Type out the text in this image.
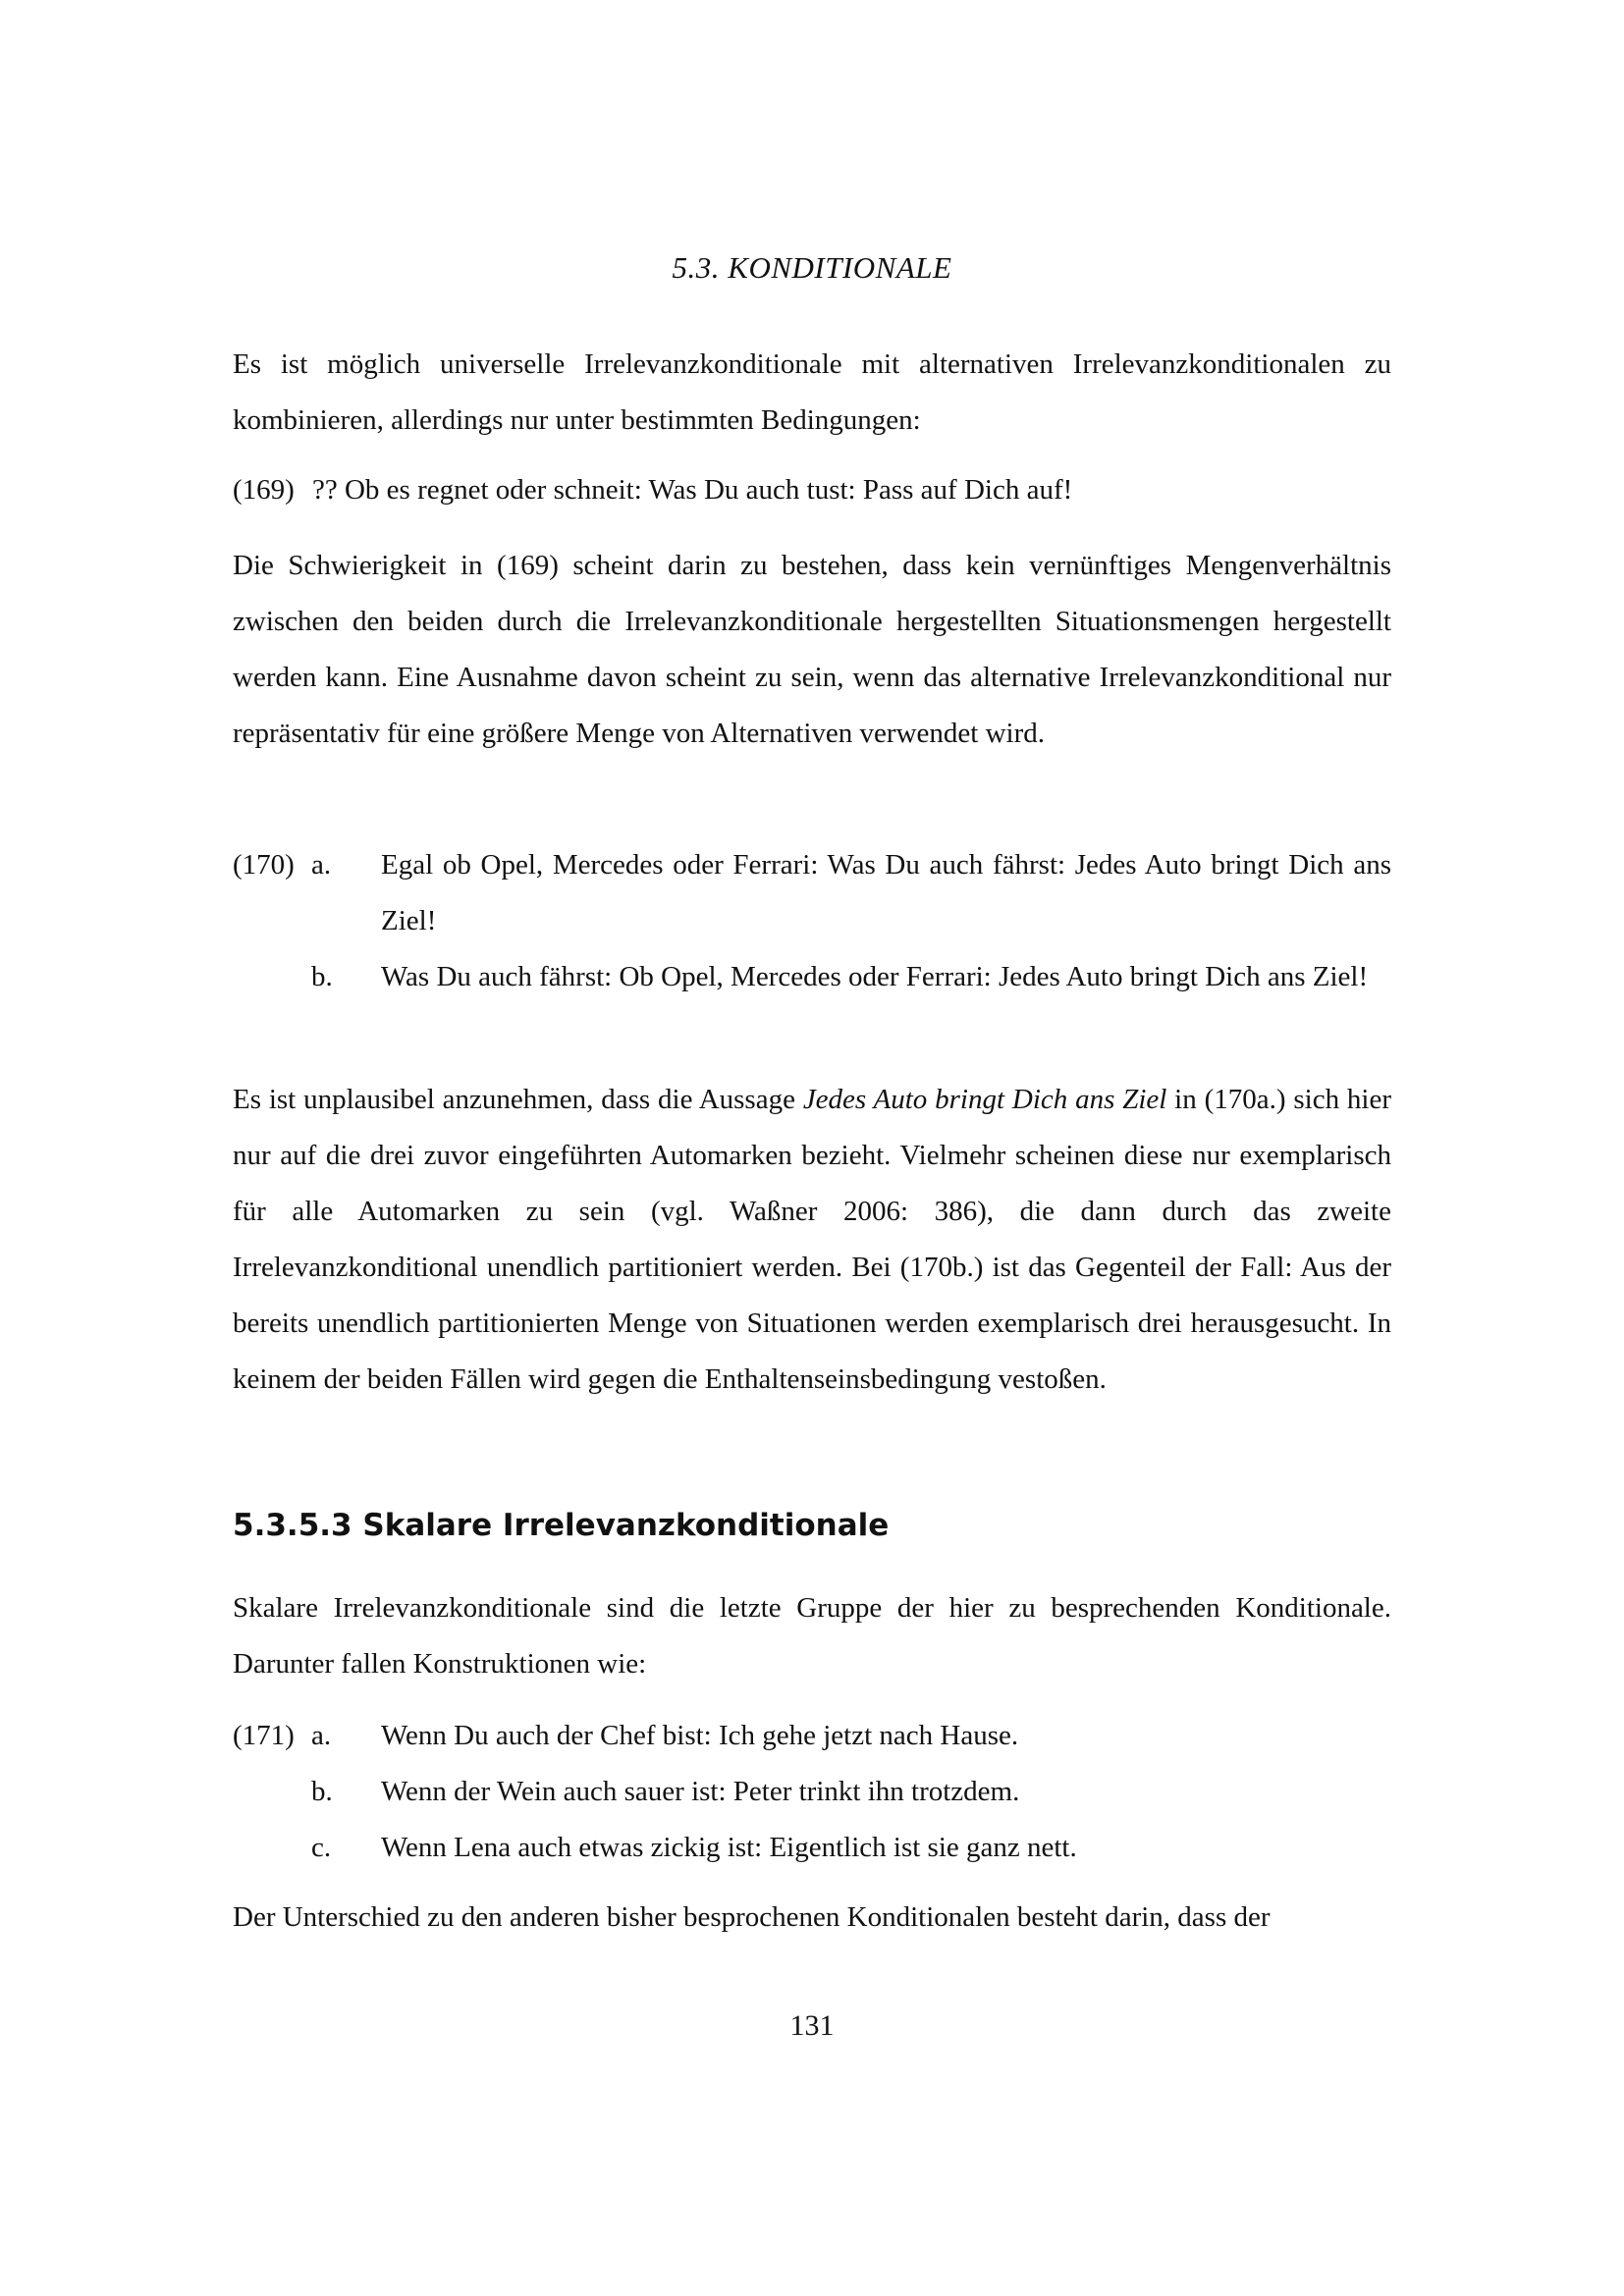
5.3. KONDITIONALE

Es ist möglich universelle Irrelevanzkonditionale mit alternativen Irrelevanzkonditionalen zu kombinieren, allerdings nur unter bestimmten Bedingungen:

(169) ?? Ob es regnet oder schneit: Was Du auch tust: Pass auf Dich auf!

Die Schwierigkeit in (169) scheint darin zu bestehen, dass kein vernünftiges Mengenverhältnis zwischen den beiden durch die Irrelevanzkonditionale hergestellten Situationsmengen hergestellt werden kann. Eine Ausnahme davon scheint zu sein, wenn das alternative Irrelevanzkonditional nur repräsentativ für eine größere Menge von Alternativen verwendet wird.

(170) a. Egal ob Opel, Mercedes oder Ferrari: Was Du auch fährst: Jedes Auto bringt Dich ans Ziel!
b. Was Du auch fährst: Ob Opel, Mercedes oder Ferrari: Jedes Auto bringt Dich ans Ziel!

Es ist unplausibel anzunehmen, dass die Aussage Jedes Auto bringt Dich ans Ziel in (170a.) sich hier nur auf die drei zuvor eingeführten Automarken bezieht. Vielmehr scheinen diese nur exemplarisch für alle Automarken zu sein (vgl. Waßner 2006: 386), die dann durch das zweite Irrelevanzkonditional unendlich partitioniert werden. Bei (170b.) ist das Gegenteil der Fall: Aus der bereits unendlich partitionierten Menge von Situationen werden exemplarisch drei herausgesucht. In keinem der beiden Fällen wird gegen die Enthaltenseinsbedingung vestoßen.

5.3.5.3 Skalare Irrelevanzkonditionale

Skalare Irrelevanzkonditionale sind die letzte Gruppe der hier zu besprechenden Konditionale. Darunter fallen Konstruktionen wie:

(171) a. Wenn Du auch der Chef bist: Ich gehe jetzt nach Hause.
b. Wenn der Wein auch sauer ist: Peter trinkt ihn trotzdem.
c. Wenn Lena auch etwas zickig ist: Eigentlich ist sie ganz nett.

Der Unterschied zu den anderen bisher besprochenen Konditionalen besteht darin, dass der

131
